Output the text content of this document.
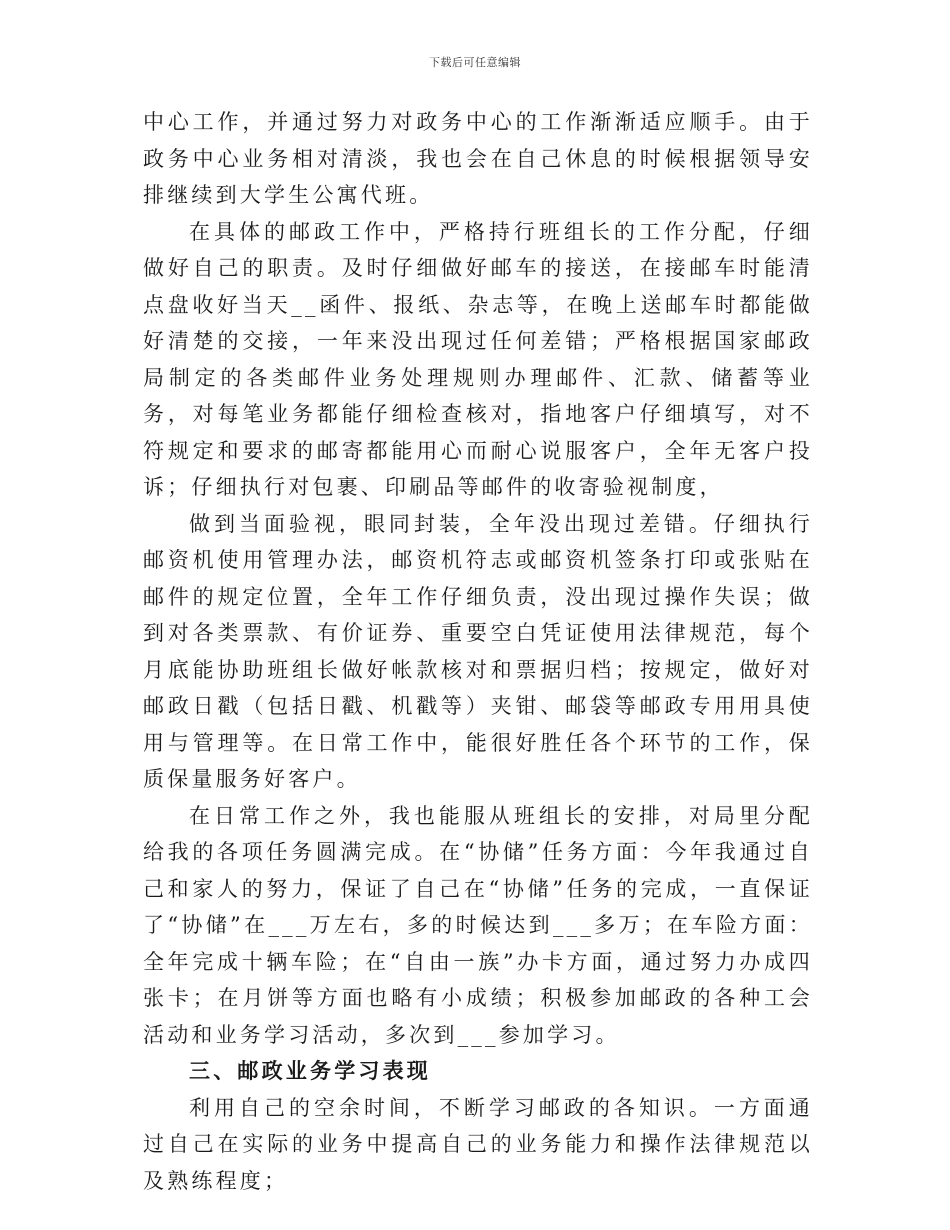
下载后可任意编辑

中心工作，并通过努力对政务中心的工作渐渐适应顺手。由于政务中心业务相对清淡，我也会在自己休息的时候根据领导安排继续到大学生公寓代班。

在具体的邮政工作中，严格持行班组长的工作分配，仔细做好自己的职责。及时仔细做好邮车的接送，在接邮车时能清点盘收好当天__函件、报纸、杂志等，在晚上送邮车时都能做好清楚的交接，一年来没出现过任何差错；严格根据国家邮政局制定的各类邮件业务处理规则办理邮件、汇款、储蓄等业务，对每笔业务都能仔细检查核对，指地客户仔细填写，对不符规定和要求的邮寄都能用心而耐心说服客户，全年无客户投诉；仔细执行对包裹、印刷品等邮件的收寄验视制度，

做到当面验视，眼同封装，全年没出现过差错。仔细执行邮资机使用管理办法，邮资机符志或邮资机签条打印或张贴在邮件的规定位置，全年工作仔细负责，没出现过操作失误；做到对各类票款、有价证券、重要空白凭证使用法律规范，每个月底能协助班组长做好帐款核对和票据归档；按规定，做好对邮政日戳（包括日戳、机戳等）夹钳、邮袋等邮政专用用具使用与管理等。在日常工作中，能很好胜任各个环节的工作，保质保量服务好客户。

在日常工作之外，我也能服从班组长的安排，对局里分配给我的各项任务圆满完成。在“协储”任务方面：今年我通过自己和家人的努力，保证了自己在“协储”任务的完成，一直保证了“协储”在___万左右，多的时候达到___多万；在车险方面：全年完成十辆车险；在“自由一族”办卡方面，通过努力办成四张卡；在月饼等方面也略有小成绩；积极参加邮政的各种工会活动和业务学习活动，多次到___参加学习。

三、邮政业务学习表现

利用自己的空余时间，不断学习邮政的各知识。一方面通过自己在实际的业务中提高自己的业务能力和操作法律规范以及熟练程度；
